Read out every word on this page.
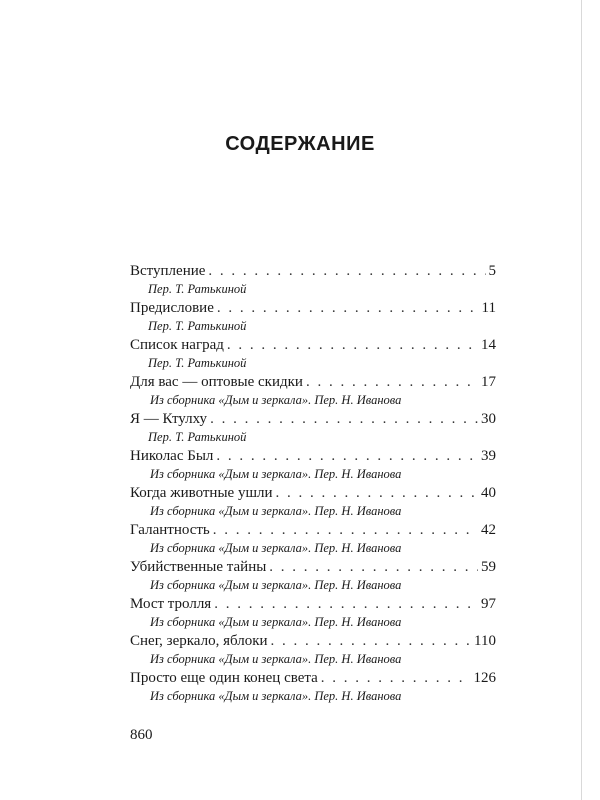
СОДЕРЖАНИЕ
Вступление . . .	5
Пер. Т. Ратькиной
Предисловие . . .	11
Пер. Т. Ратькиной
Список наград . . .	14
Пер. Т. Ратькиной
Для вас — оптовые скидки . . .	17
Из сборника «Дым и зеркала». Пер. Н. Иванова
Я — Ктулху . . .	30
Пер. Т. Ратькиной
Николас Был . . .	39
Из сборника «Дым и зеркала». Пер. Н. Иванова
Когда животные ушли . . .	40
Из сборника «Дым и зеркала». Пер. Н. Иванова
Галантность . . .	42
Из сборника «Дым и зеркала». Пер. Н. Иванова
Убийственные тайны . . .	59
Из сборника «Дым и зеркала». Пер. Н. Иванова
Мост тролля . . .	97
Из сборника «Дым и зеркала». Пер. Н. Иванова
Снег, зеркало, яблоки . . .	110
Из сборника «Дым и зеркала». Пер. Н. Иванова
Просто еще один конец света . . .	126
Из сборника «Дым и зеркала». Пер. Н. Иванова
860
